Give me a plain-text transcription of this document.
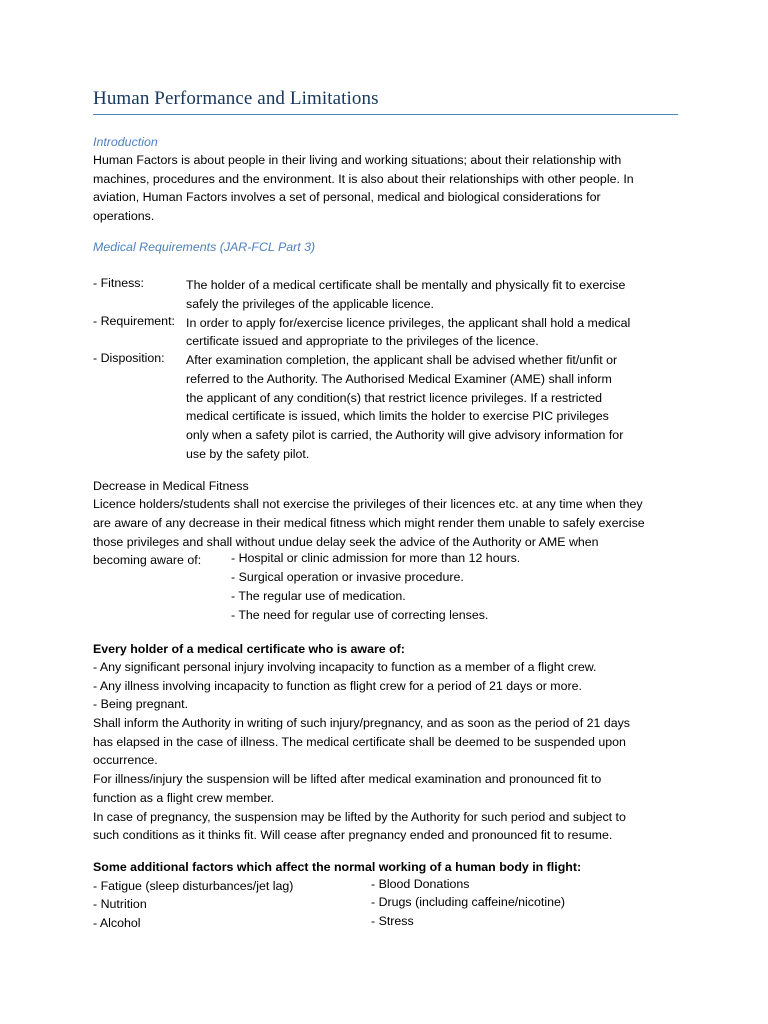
Human Performance and Limitations
Introduction
Human Factors is about people in their living and working situations; about their relationship with
machines, procedures and the environment. It is also about their relationships with other people. In
aviation, Human Factors involves a set of personal, medical and biological considerations for
operations.
Medical Requirements (JAR-FCL Part 3)
- Fitness:	The holder of a medical certificate shall be mentally and physically fit to exercise
safely the privileges of the applicable licence.
- Requirement: In order to apply for/exercise licence privileges, the applicant shall hold a medical
certificate issued and appropriate to the privileges of the licence.
- Disposition: After examination completion, the applicant shall be advised whether fit/unfit or
referred to the Authority. The Authorised Medical Examiner (AME) shall inform
the applicant of any condition(s) that restrict licence privileges. If a restricted
medical certificate is issued, which limits the holder to exercise PIC privileges
only when a safety pilot is carried, the Authority will give advisory information for
use by the safety pilot.
Decrease in Medical Fitness
Licence holders/students shall not exercise the privileges of their licences etc. at any time when they
are aware of any decrease in their medical fitness which might render them unable to safely exercise
those privileges and shall without undue delay seek the advice of the Authority or AME when
becoming aware of: - Hospital or clinic admission for more than 12 hours.
- Surgical operation or invasive procedure.
- The regular use of medication.
- The need for regular use of correcting lenses.
Every holder of a medical certificate who is aware of:
- Any significant personal injury involving incapacity to function as a member of a flight crew.
- Any illness involving incapacity to function as flight crew for a period of 21 days or more.
- Being pregnant.
Shall inform the Authority in writing of such injury/pregnancy, and as soon as the period of 21 days
has elapsed in the case of illness. The medical certificate shall be deemed to be suspended upon
occurrence.
For illness/injury the suspension will be lifted after medical examination and pronounced fit to
function as a flight crew member.
In case of pregnancy, the suspension may be lifted by the Authority for such period and subject to
such conditions as it thinks fit. Will cease after pregnancy ended and pronounced fit to resume.
Some additional factors which affect the normal working of a human body in flight:
- Fatigue (sleep disturbances/jet lag)
- Nutrition
- Alcohol
- Blood Donations
- Drugs (including caffeine/nicotine)
- Stress
